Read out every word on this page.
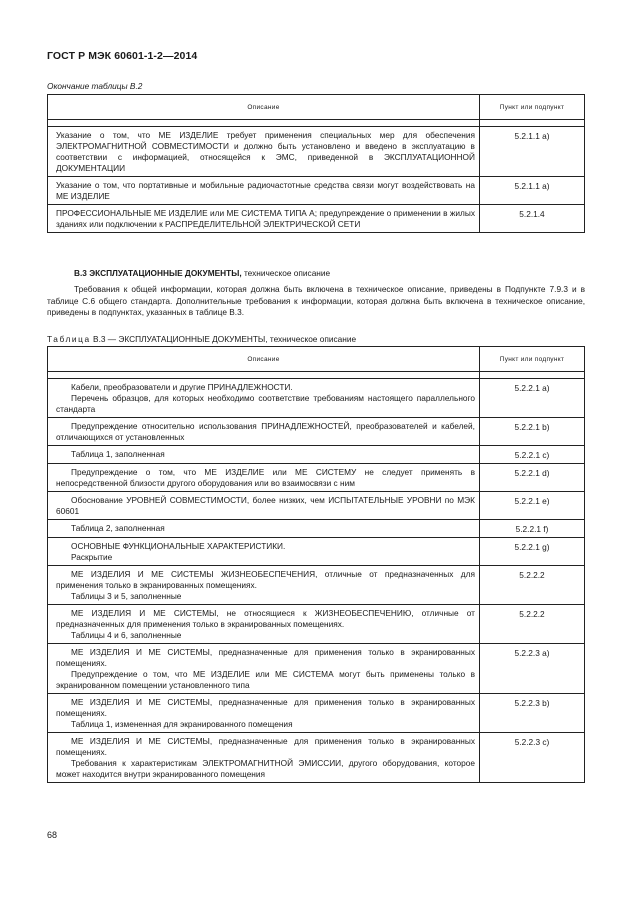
ГОСТ Р МЭК 60601-1-2—2014
Окончание таблицы В.2
Описание	Пункт или подпункт

Указание о том, что МЕ ИЗДЕЛИЕ требует применения специальных мер для обеспечения ЭЛЕКТРОМАГНИТНОЙ СОВМЕСТИМОСТИ и должно быть установлено и введено в эксплуатацию в соответствии с информацией, относящейся к ЭМС, приведенной в ЭКСПЛУАТАЦИОННОЙ ДОКУМЕНТАЦИИ	5.2.1.1 a)

Указание о том, что портативные и мобильные радиочастотные средства связи могут воздействовать на МЕ ИЗДЕЛИЕ	5.2.1.1 a)

ПРОФЕССИОНАЛЬНЫЕ МЕ ИЗДЕЛИЕ или МЕ СИСТЕМА ТИПА А; предупреждение о применении в жилых зданиях или подключении к РАСПРЕДЕЛИТЕЛЬНОЙ ЭЛЕКТРИЧЕСКОЙ СЕТИ	5.2.1.4
В.3 ЭКСПЛУАТАЦИОННЫЕ ДОКУМЕНТЫ, техническое описание
Требования к общей информации, которая должна быть включена в техническое описание, приведены в Подпункте 7.9.3 и в таблице С.6 общего стандарта. Дополнительные требования к информации, которая должна быть включена в техническое описание, приведены в подпунктах, указанных в таблице В.3.
Таблица В.3 — ЭКСПЛУАТАЦИОННЫЕ ДОКУМЕНТЫ, техническое описание
Описание	Пункт или подпункт

Кабели, преобразователи и другие ПРИНАДЛЕЖНОСТИ.
Перечень образцов, для которых необходимо соответствие требованиям настоящего параллельного стандарта	5.2.2.1 a)

Предупреждение относительно использования ПРИНАДЛЕЖНОСТЕЙ, преобразователей и кабелей, отличающихся от установленных	5.2.2.1 b)

Таблица 1, заполненная	5.2.2.1 c)

Предупреждение о том, что МЕ ИЗДЕЛИЕ или МЕ СИСТЕМУ не следует применять в непосредственной близости другого оборудования или во взаимосвязи с ним	5.2.2.1 d)

Обоснование УРОВНЕЙ СОВМЕСТИМОСТИ, более низких, чем ИСПЫТАТЕЛЬНЫЕ УРОВНИ по МЭК 60601	5.2.2.1 e)

Таблица 2, заполненная	5.2.2.1 f)

ОСНОВНЫЕ ФУНКЦИОНАЛЬНЫЕ ХАРАКТЕРИСТИКИ.
Раскрытие	5.2.2.1 g)

МЕ ИЗДЕЛИЯ И МЕ СИСТЕМЫ ЖИЗНЕОБЕСПЕЧЕНИЯ, отличные от предназначенных для применения только в экранированных помещениях.
Таблицы 3 и 5, заполненные	5.2.2.2

МЕ ИЗДЕЛИЯ И МЕ СИСТЕМЫ, не относящиеся к ЖИЗНЕОБЕСПЕЧЕНИЮ, отличные от предназначенных для применения только в экранированных помещениях.
Таблицы 4 и 6, заполненные	5.2.2.2

МЕ ИЗДЕЛИЯ И МЕ СИСТЕМЫ, предназначенные для применения только в экранированных помещениях.
Предупреждение о том, что МЕ ИЗДЕЛИЕ или МЕ СИСТЕМА могут быть применены только в экранированном помещении установленного типа	5.2.2.3 a)

МЕ ИЗДЕЛИЯ И МЕ СИСТЕМЫ, предназначенные для применения только в экранированных помещениях.
Таблица 1, измененная для экранированного помещения	5.2.2.3 b)

МЕ ИЗДЕЛИЯ И МЕ СИСТЕМЫ, предназначенные для применения только в экранированных помещениях.
Требования к характеристикам ЭЛЕКТРОМАГНИТНОЙ ЭМИССИИ, другого оборудования, которое может находится внутри экранированного помещения	5.2.2.3 c)
68
